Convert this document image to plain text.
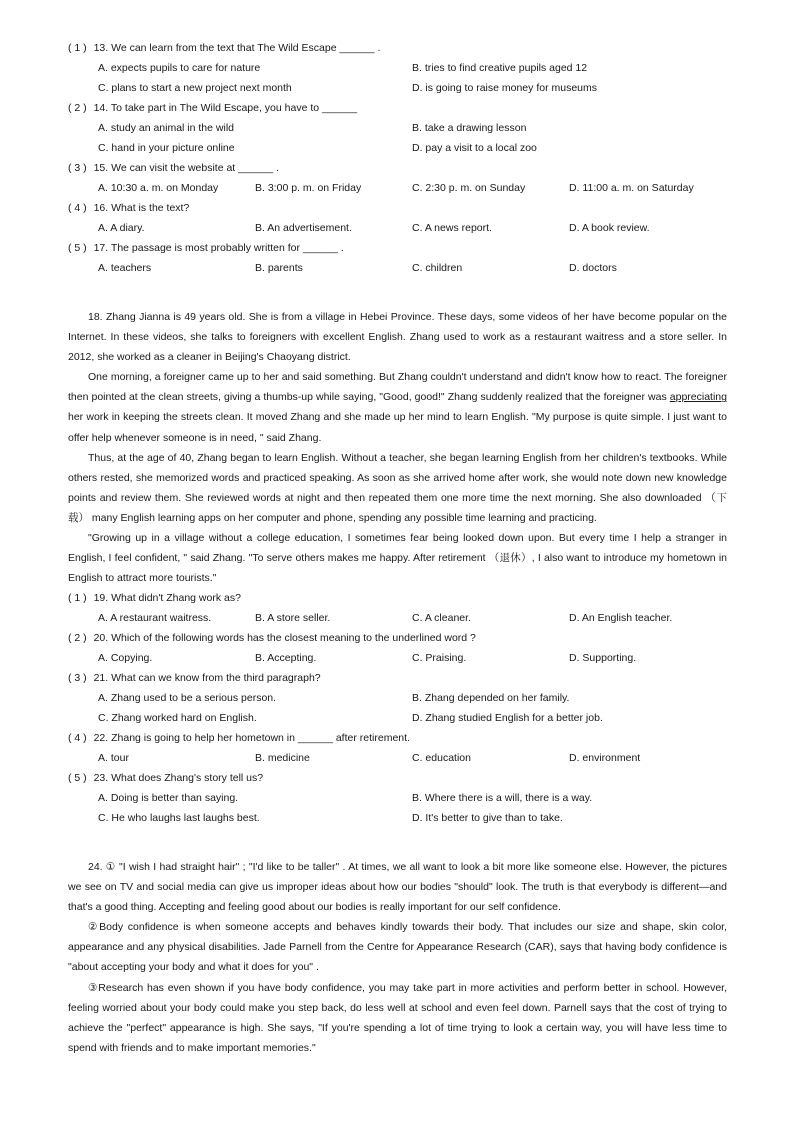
( 1 ) 13. We can learn from the text that The Wild Escape ______ .
A. expects pupils to care for nature	B. tries to find creative pupils aged 12
C. plans to start a new project next month	D. is going to raise money for museums
( 2 ) 14. To take part in The Wild Escape, you have to ______
A. study an animal in the wild	B. take a drawing lesson
C. hand in your picture online	D. pay a visit to a local zoo
( 3 ) 15. We can visit the website at ______ .
A. 10:30 a. m. on Monday	B. 3:00 p. m. on Friday	C. 2:30 p. m. on Sunday	D. 11:00 a. m. on Saturday
( 4 ) 16. What is the text?
A. A diary.	B. An advertisement.	C. A news report.	D. A book review.
( 5 ) 17. The passage is most probably written for ______ .
A. teachers	B. parents	C. children	D. doctors

18. Zhang Jianna is 49 years old. She is from a village in Hebei Province. These days, some videos of her have become popular on the Internet. In these videos, she talks to foreigners with excellent English. Zhang used to work as a restaurant waitress and a store seller. In 2012, she worked as a cleaner in Beijing's Chaoyang district.

One morning, a foreigner came up to her and said something. But Zhang couldn't understand and didn't know how to react. The foreigner then pointed at the clean streets, giving a thumbs-up while saying, "Good, good!" Zhang suddenly realized that the foreigner was appreciating her work in keeping the streets clean. It moved Zhang and she made up her mind to learn English. "My purpose is quite simple. I just want to offer help whenever someone is in need, " said Zhang.

Thus, at the age of 40, Zhang began to learn English. Without a teacher, she began learning English from her children's textbooks. While others rested, she memorized words and practiced speaking. As soon as she arrived home after work, she would note down new knowledge points and review them. She reviewed words at night and then repeated them one more time the next morning. She also downloaded （下载） many English learning apps on her computer and phone, spending any possible time learning and practicing.

"Growing up in a village without a college education, I sometimes fear being looked down upon. But every time I help a stranger in English, I feel confident, " said Zhang. "To serve others makes me happy. After retirement （退休）, I also want to introduce my hometown in English to attract more tourists."

( 1 ) 19. What didn't Zhang work as?
A. A restaurant waitress.	B. A store seller.	C. A cleaner.	D. An English teacher.
( 2 ) 20. Which of the following words has the closest meaning to the underlined word ?
A. Copying.	B. Accepting.	C. Praising.	D. Supporting.
( 3 ) 21. What can we know from the third paragraph?
A. Zhang used to be a serious person.	B. Zhang depended on her family.
C. Zhang worked hard on English.	D. Zhang studied English for a better job.
( 4 ) 22. Zhang is going to help her hometown in ______ after retirement.
A. tour	B. medicine	C. education	D. environment
( 5 ) 23. What does Zhang's story tell us?
A. Doing is better than saying.	B. Where there is a will, there is a way.
C. He who laughs last laughs best.	D. It's better to give than to take.

24. ① "I wish I had straight hair" ; "I'd like to be taller" . At times, we all want to look a bit more like someone else. However, the pictures we see on TV and social media can give us improper ideas about how our bodies "should" look. The truth is that everybody is different—and that's a good thing. Accepting and feeling good about our bodies is really important for our self confidence.

②Body confidence is when someone accepts and behaves kindly towards their body. That includes our size and shape, skin color, appearance and any physical disabilities. Jade Parnell from the Centre for Appearance Research (CAR), says that having body confidence is "about accepting your body and what it does for you" .

③Research has even shown if you have body confidence, you may take part in more activities and perform better in school. However, feeling worried about your body could make you step back, do less well at school and even feel down. Parnell says that the cost of trying to achieve the "perfect" appearance is high. She says, "If you're spending a lot of time trying to look a certain way, you will have less time to spend with friends and to make important memories."
